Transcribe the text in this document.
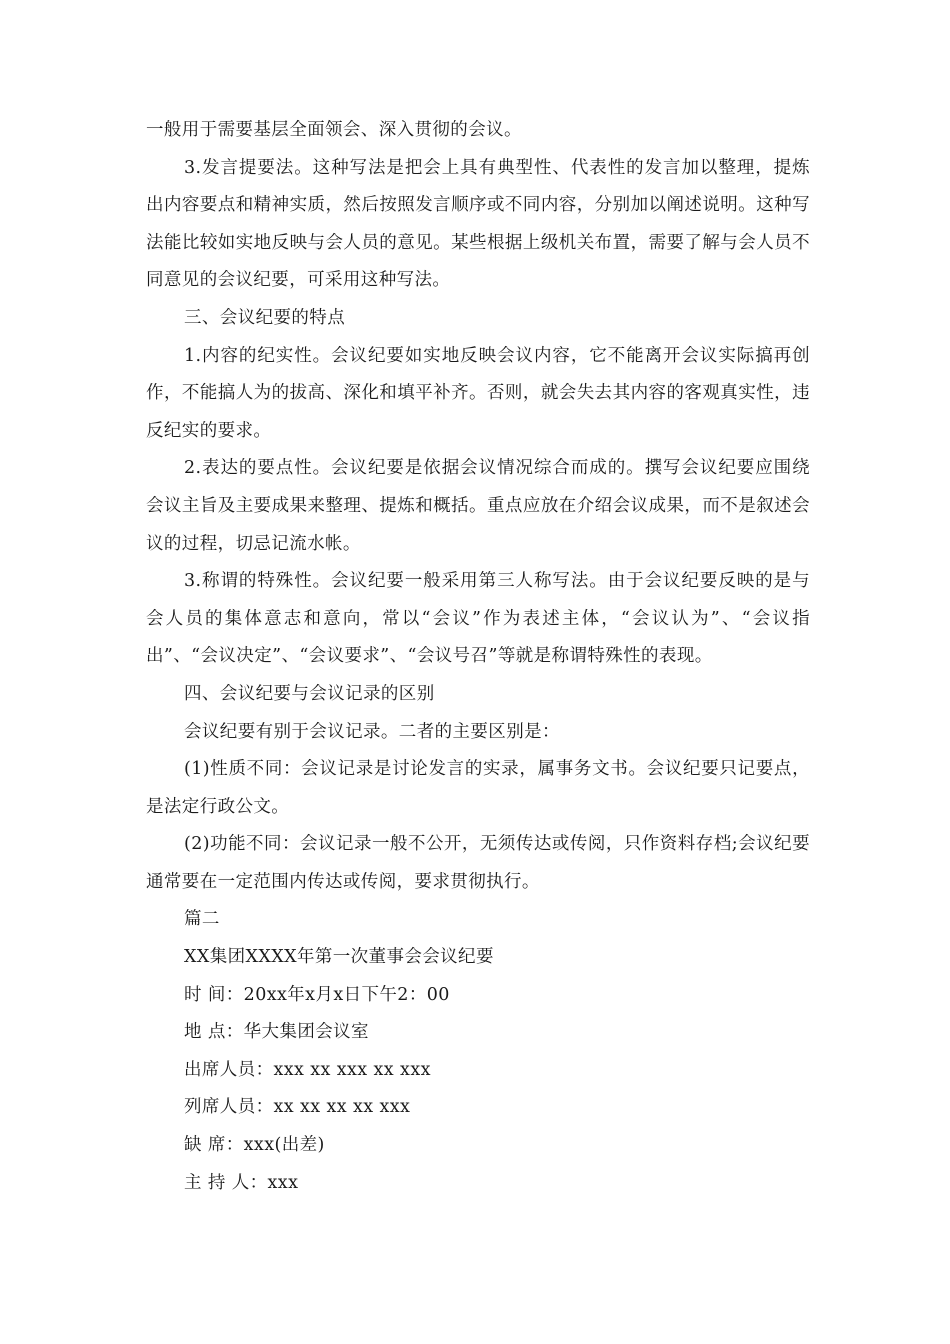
一般用于需要基层全面领会、深入贯彻的会议。

3.发言提要法。这种写法是把会上具有典型性、代表性的发言加以整理，提炼出内容要点和精神实质，然后按照发言顺序或不同内容，分别加以阐述说明。这种写法能比较如实地反映与会人员的意见。某些根据上级机关布置，需要了解与会人员不同意见的会议纪要，可采用这种写法。

三、会议纪要的特点

1.内容的纪实性。会议纪要如实地反映会议内容，它不能离开会议实际搞再创作，不能搞人为的拔高、深化和填平补齐。否则，就会失去其内容的客观真实性，违反纪实的要求。

2.表达的要点性。会议纪要是依据会议情况综合而成的。撰写会议纪要应围绕会议主旨及主要成果来整理、提炼和概括。重点应放在介绍会议成果，而不是叙述会议的过程，切忌记流水帐。

3.称谓的特殊性。会议纪要一般采用第三人称写法。由于会议纪要反映的是与会人员的集体意志和意向，常以“会议”作为表述主体，“会议认为”、“会议指出”、“会议决定”、“会议要求”、“会议号召”等就是称谓特殊性的表现。

四、会议纪要与会议记录的区别

会议纪要有别于会议记录。二者的主要区别是：

(1)性质不同：会议记录是讨论发言的实录，属事务文书。会议纪要只记要点，是法定行政公文。

(2)功能不同：会议记录一般不公开，无须传达或传阅，只作资料存档;会议纪要通常要在一定范围内传达或传阅，要求贯彻执行。

篇二

XX集团XXXX年第一次董事会会议纪要

时 间：20xx年x月x日下午2：00

地 点：华大集团会议室

出席人员：xxx xx xxx xx xxx

列席人员：xx xx xx xx xxx

缺 席：xxx(出差)

主 持 人：xxx
